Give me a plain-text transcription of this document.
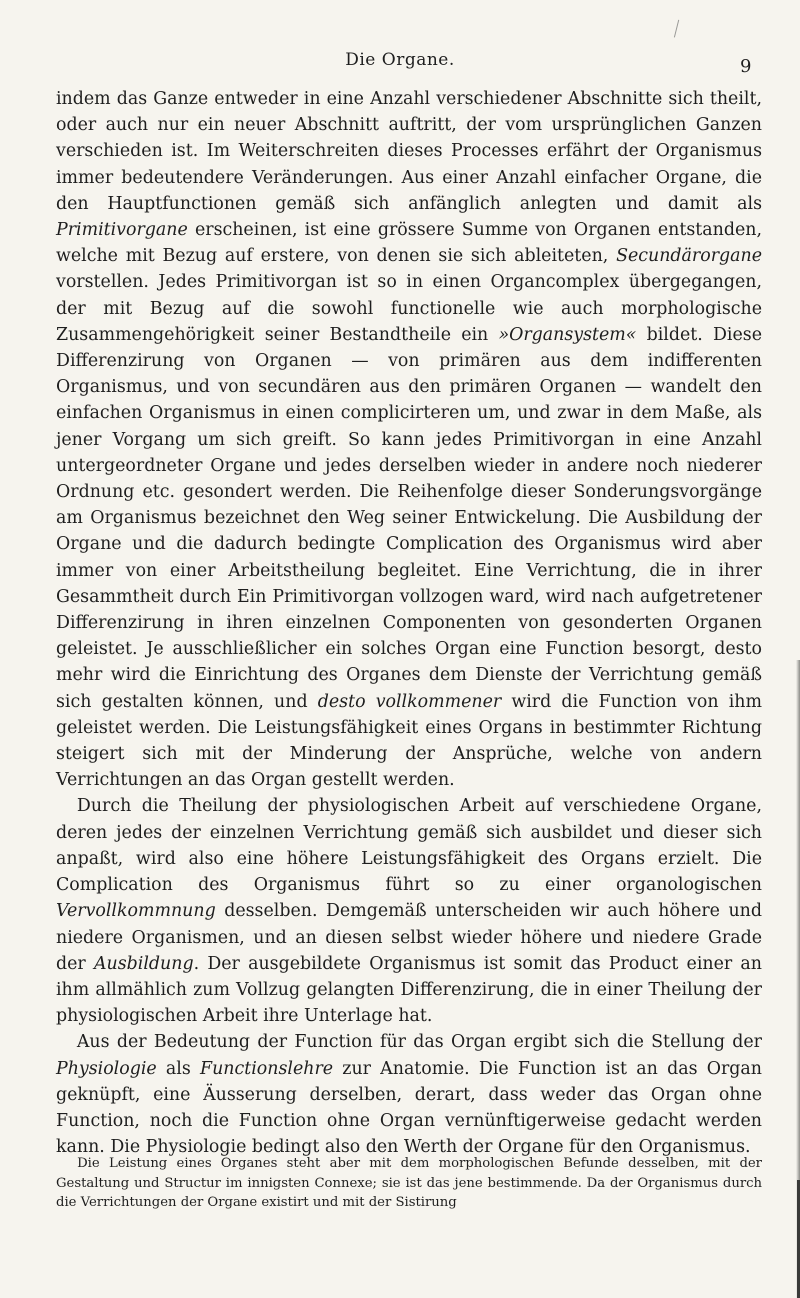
Die Organe.	9

indem das Ganze entweder in eine Anzahl verschiedener Abschnitte sich theilt, oder auch nur ein neuer Abschnitt auftritt, der vom ursprünglichen Ganzen verschieden ist. Im Weiterschreiten dieses Processes erfährt der Organismus immer bedeutendere Veränderungen. Aus einer Anzahl einfacher Organe, die den Hauptfunctionen gemäß sich anfänglich anlegten und damit als Primitivorgane erscheinen, ist eine grössere Summe von Organen entstanden, welche mit Bezug auf erstere, von denen sie sich ableiteten, Secundärorgane vorstellen. Jedes Primitivorgan ist so in einen Organcomplex übergegangen, der mit Bezug auf die sowohl functionelle wie auch morphologische Zusammengehörigkeit seiner Bestandtheile ein »Organsystem« bildet. Diese Differenzirung von Organen — von primären aus dem indifferenten Organismus, und von secundären aus den primären Organen — wandelt den einfachen Organismus in einen complicirteren um, und zwar in dem Maße, als jener Vorgang um sich greift. So kann jedes Primitivorgan in eine Anzahl untergeordneter Organe und jedes derselben wieder in andere noch niederer Ordnung etc. gesondert werden. Die Reihenfolge dieser Sonderungsvorgänge am Organismus bezeichnet den Weg seiner Entwickelung. Die Ausbildung der Organe und die dadurch bedingte Complication des Organismus wird aber immer von einer Arbeitstheilung begleitet. Eine Verrichtung, die in ihrer Gesammtheit durch Ein Primitivorgan vollzogen ward, wird nach aufgetretener Differenzirung in ihren einzelnen Componenten von gesonderten Organen geleistet. Je ausschließlicher ein solches Organ eine Function besorgt, desto mehr wird die Einrichtung des Organes dem Dienste der Verrichtung gemäß sich gestalten können, und desto vollkommener wird die Function von ihm geleistet werden. Die Leistungsfähigkeit eines Organs in bestimmter Richtung steigert sich mit der Minderung der Ansprüche, welche von andern Verrichtungen an das Organ gestellt werden.

Durch die Theilung der physiologischen Arbeit auf verschiedene Organe, deren jedes der einzelnen Verrichtung gemäß sich ausbildet und dieser sich anpaßt, wird also eine höhere Leistungsfähigkeit des Organs erzielt. Die Complication des Organismus führt so zu einer organologischen Vervollkommnung desselben. Demgemäß unterscheiden wir auch höhere und niedere Organismen, und an diesen selbst wieder höhere und niedere Grade der Ausbildung. Der ausgebildete Organismus ist somit das Product einer an ihm allmählich zum Vollzug gelangten Differenzirung, die in einer Theilung der physiologischen Arbeit ihre Unterlage hat.

Aus der Bedeutung der Function für das Organ ergibt sich die Stellung der Physiologie als Functionslehre zur Anatomie. Die Function ist an das Organ geknüpft, eine Äusserung derselben, derart, dass weder das Organ ohne Function, noch die Function ohne Organ vernünftigerweise gedacht werden kann. Die Physiologie bedingt also den Werth der Organe für den Organismus.

Die Leistung eines Organes steht aber mit dem morphologischen Befunde desselben, mit der Gestaltung und Structur im innigsten Connexe; sie ist das jene bestimmende. Da der Organismus durch die Verrichtungen der Organe existirt und mit der Sistirung
